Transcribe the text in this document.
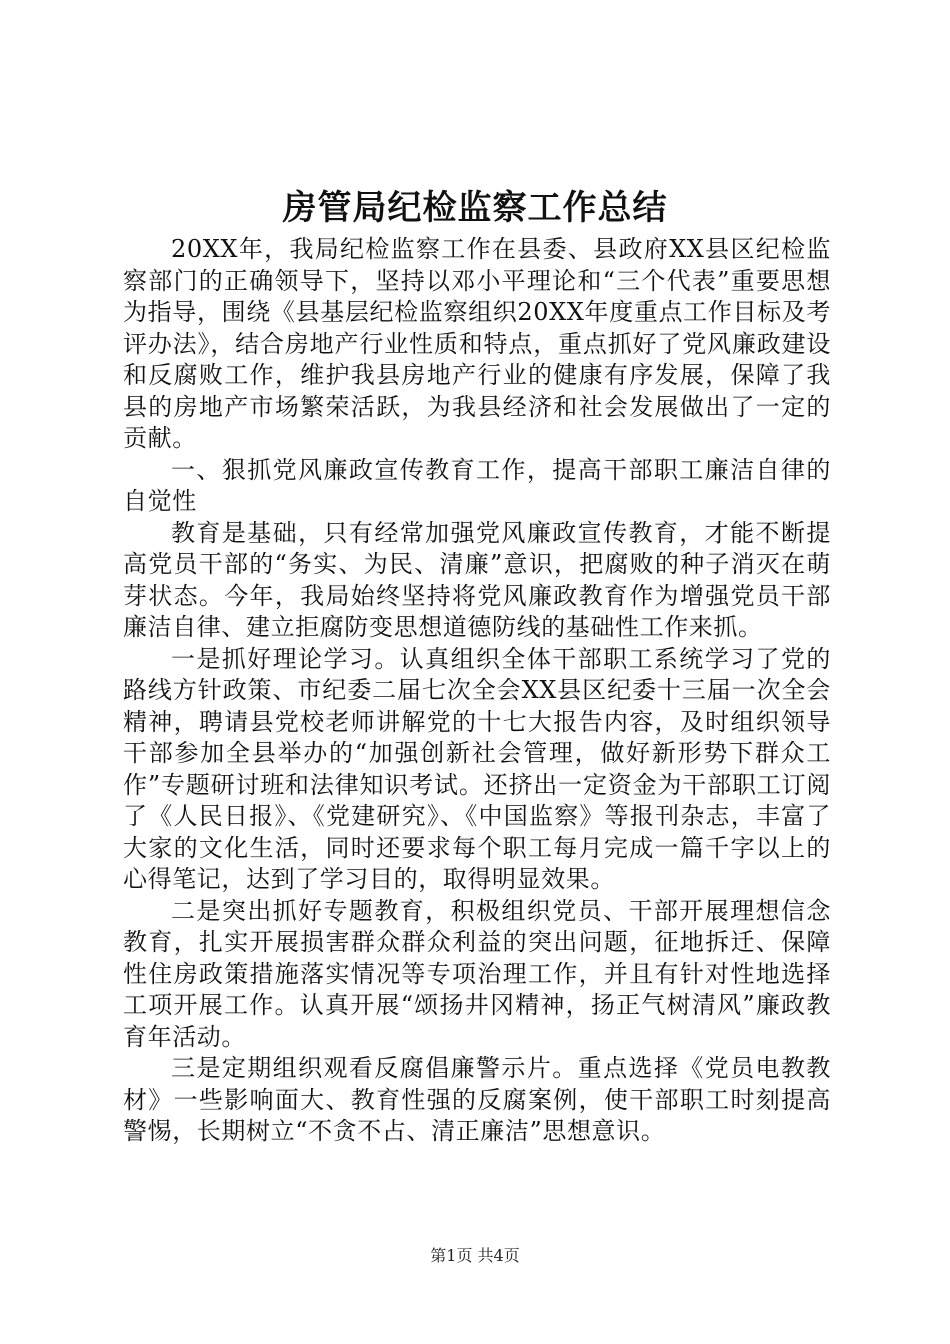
房管局纪检监察工作总结

20XX年，我局纪检监察工作在县委、县政府XX县区纪检监察部门的正确领导下，坚持以邓小平理论和“三个代表”重要思想为指导，围绕《县基层纪检监察组织20XX年度重点工作目标及考评办法》，结合房地产行业性质和特点，重点抓好了党风廉政建设和反腐败工作，维护我县房地产行业的健康有序发展，保障了我县的房地产市场繁荣活跃，为我县经济和社会发展做出了一定的贡献。

一、狠抓党风廉政宣传教育工作，提高干部职工廉洁自律的自觉性

教育是基础，只有经常加强党风廉政宣传教育，才能不断提高党员干部的“务实、为民、清廉”意识，把腐败的种子消灭在萌芽状态。今年，我局始终坚持将党风廉政教育作为增强党员干部廉洁自律、建立拒腐防变思想道德防线的基础性工作来抓。

一是抓好理论学习。认真组织全体干部职工系统学习了党的路线方针政策、市纪委二届七次全会XX县区纪委十三届一次全会精神，聘请县党校老师讲解党的十七大报告内容，及时组织领导干部参加全县举办的“加强创新社会管理，做好新形势下群众工作”专题研讨班和法律知识考试。还挤出一定资金为干部职工订阅了《人民日报》、《党建研究》、《中国监察》等报刊杂志，丰富了大家的文化生活，同时还要求每个职工每月完成一篇千字以上的心得笔记，达到了学习目的，取得明显效果。

二是突出抓好专题教育，积极组织党员、干部开展理想信念教育，扎实开展损害群众群众利益的突出问题，征地拆迁、保障性住房政策措施落实情况等专项治理工作，并且有针对性地选择工项开展工作。认真开展“颂扬井冈精神，扬正气树清风”廉政教育年活动。

三是定期组织观看反腐倡廉警示片。重点选择《党员电教教材》一些影响面大、教育性强的反腐案例，使干部职工时刻提高警惕，长期树立“不贪不占、清正廉洁”思想意识。

第1页 共4页
